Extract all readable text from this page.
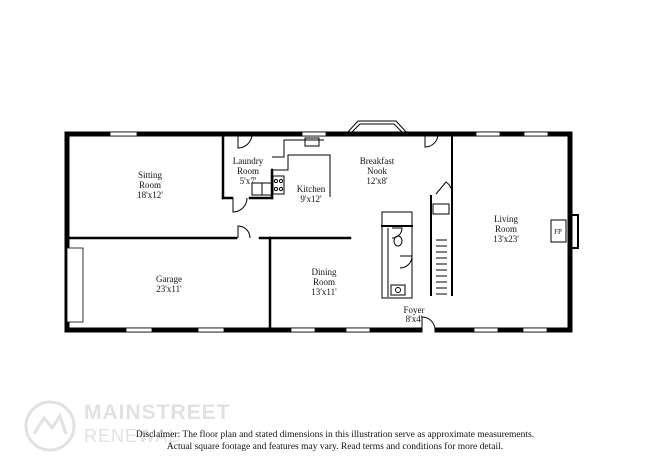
FP
Sitting
Room
18'x12'
Laundry
Room
5'x7'
Kitchen
9'x12'
Breakfast
Nook
12'x8'
Living
Room
13'x23'
Garage
23'x11'
Dining
Room
13'x11'
Foyer
8'x4'
MAINSTREET
RENEWAL
Disclaimer: The floor plan and stated dimensions in this illustration serve as approximate measurements.
Actual square footage and features may vary. Read terms and conditions for more detail.
